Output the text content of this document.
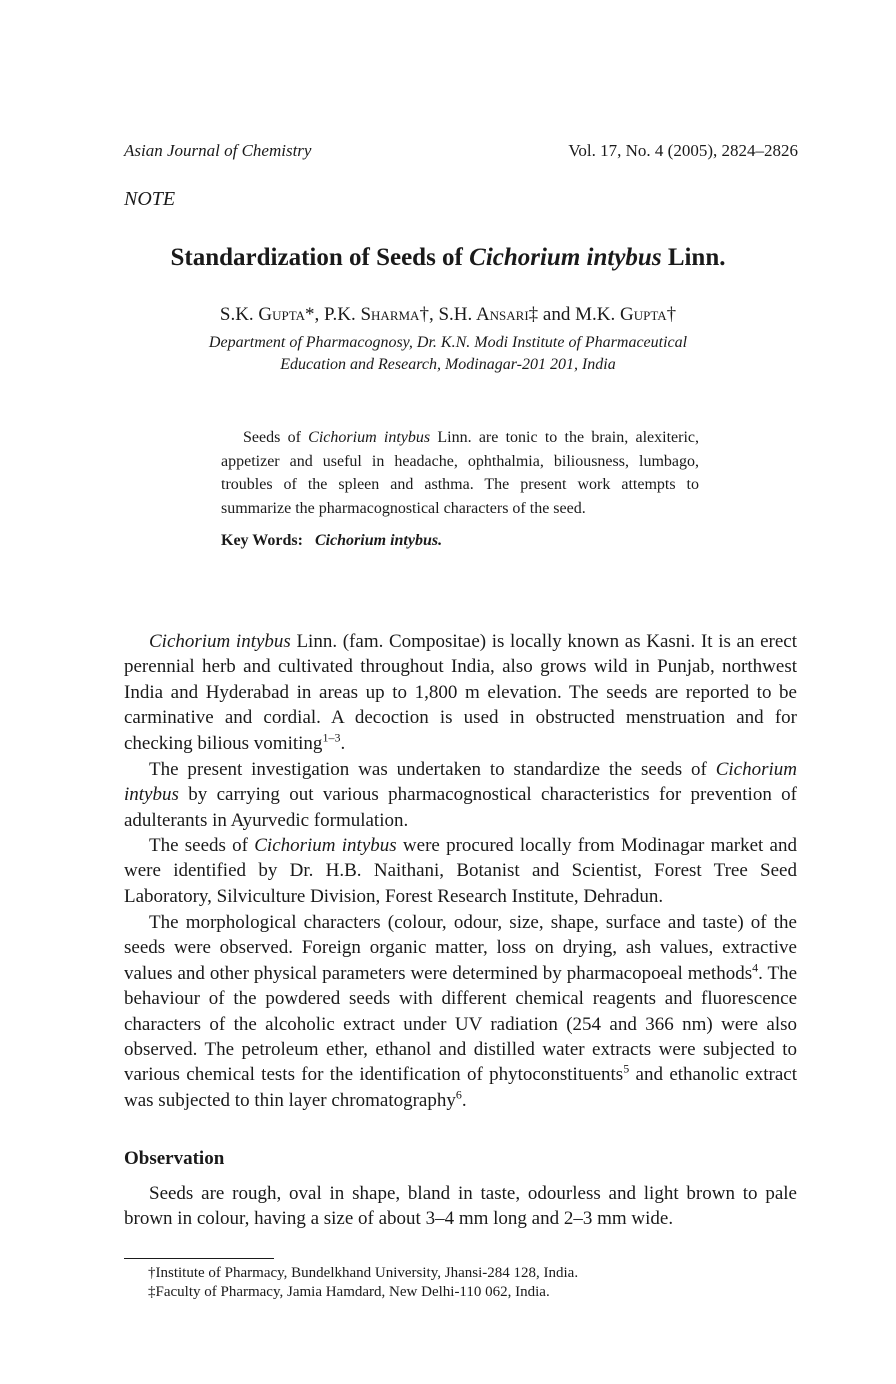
Asian Journal of Chemistry	Vol. 17, No. 4 (2005), 2824–2826
NOTE
Standardization of Seeds of Cichorium intybus Linn.
S.K. Gupta*, P.K. Sharma†, S.H. Ansari‡ and M.K. Gupta†
Department of Pharmacognosy, Dr. K.N. Modi Institute of Pharmaceutical
Education and Research, Modinagar-201 201, India

Seeds of Cichorium intybus Linn. are tonic to the brain, alexiteric, appetizer and useful in headache, ophthalmia, biliousness, lumbago, troubles of the spleen and asthma. The present work attempts to summarize the pharmacognostical characters of the seed.

Key Words: Cichorium intybus.

Cichorium intybus Linn. (fam. Compositae) is locally known as Kasni. It is an erect perennial herb and cultivated throughout India, also grows wild in Punjab, northwest India and Hyderabad in areas up to 1,800 m elevation. The seeds are reported to be carminative and cordial. A decoction is used in obstructed menstruation and for checking bilious vomiting$^{1-3}$.

The present investigation was undertaken to standardize the seeds of Cichorium intybus by carrying out various pharmacognostical characteristics for prevention of adulterants in Ayurvedic formulation.

The seeds of Cichorium intybus were procured locally from Modinagar market and were identified by Dr. H.B. Naithani, Botanist and Scientist, Forest Tree Seed Laboratory, Silviculture Division, Forest Research Institute, Dehradun.

The morphological characters (colour, odour, size, shape, surface and taste) of the seeds were observed. Foreign organic matter, loss on drying, ash values, extractive values and other physical parameters were determined by pharmacopoeal methods$^4$. The behaviour of the powdered seeds with different chemical reagents and fluorescence characters of the alcoholic extract under UV radiation (254 and 366 nm) were also observed. The petroleum ether, ethanol and distilled water extracts were subjected to various chemical tests for the identification of phytoconstituents$^5$ and ethanolic extract was subjected to thin layer chromatography$^6$.

Observation

Seeds are rough, oval in shape, bland in taste, odourless and light brown to pale brown in colour, having a size of about 3–4 mm long and 2–3 mm wide.

†Institute of Pharmacy, Bundelkhand University, Jhansi-284 128, India.
‡Faculty of Pharmacy, Jamia Hamdard, New Delhi-110 062, India.
